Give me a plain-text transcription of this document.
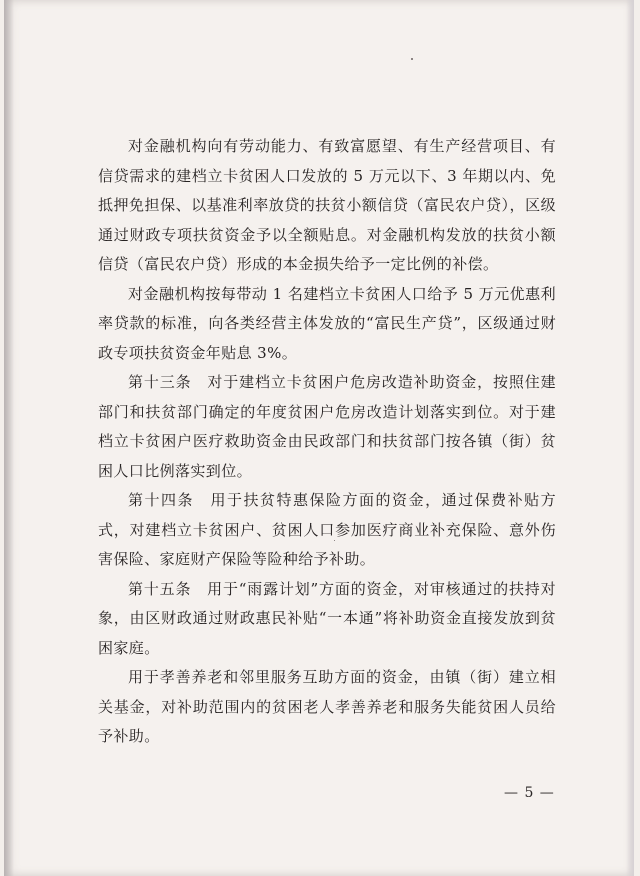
对金融机构向有劳动能力、有致富愿望、有生产经营项目、有信贷需求的建档立卡贫困人口发放的 5 万元以下、3 年期以内、免抵押免担保、以基准利率放贷的扶贫小额信贷（富民农户贷），区级通过财政专项扶贫资金予以全额贴息。对金融机构发放的扶贫小额信贷（富民农户贷）形成的本金损失给予一定比例的补偿。

对金融机构按每带动 1 名建档立卡贫困人口给予 5 万元优惠利率贷款的标准，向各类经营主体发放的“富民生产贷”，区级通过财政专项扶贫资金年贴息 3%。

第十三条　对于建档立卡贫困户危房改造补助资金，按照住建部门和扶贫部门确定的年度贫困户危房改造计划落实到位。对于建档立卡贫困户医疗救助资金由民政部门和扶贫部门按各镇（街）贫困人口比例落实到位。

第十四条　用于扶贫特惠保险方面的资金，通过保费补贴方式，对建档立卡贫困户、贫困人口参加医疗商业补充保险、意外伤害保险、家庭财产保险等险种给予补助。

第十五条　用于“雨露计划”方面的资金，对审核通过的扶持对象，由区财政通过财政惠民补贴“一本通”将补助资金直接发放到贫困家庭。

用于孝善养老和邻里服务互助方面的资金，由镇（街）建立相关基金，对补助范围内的贫困老人孝善养老和服务失能贫困人员给予补助。

— 5 —
